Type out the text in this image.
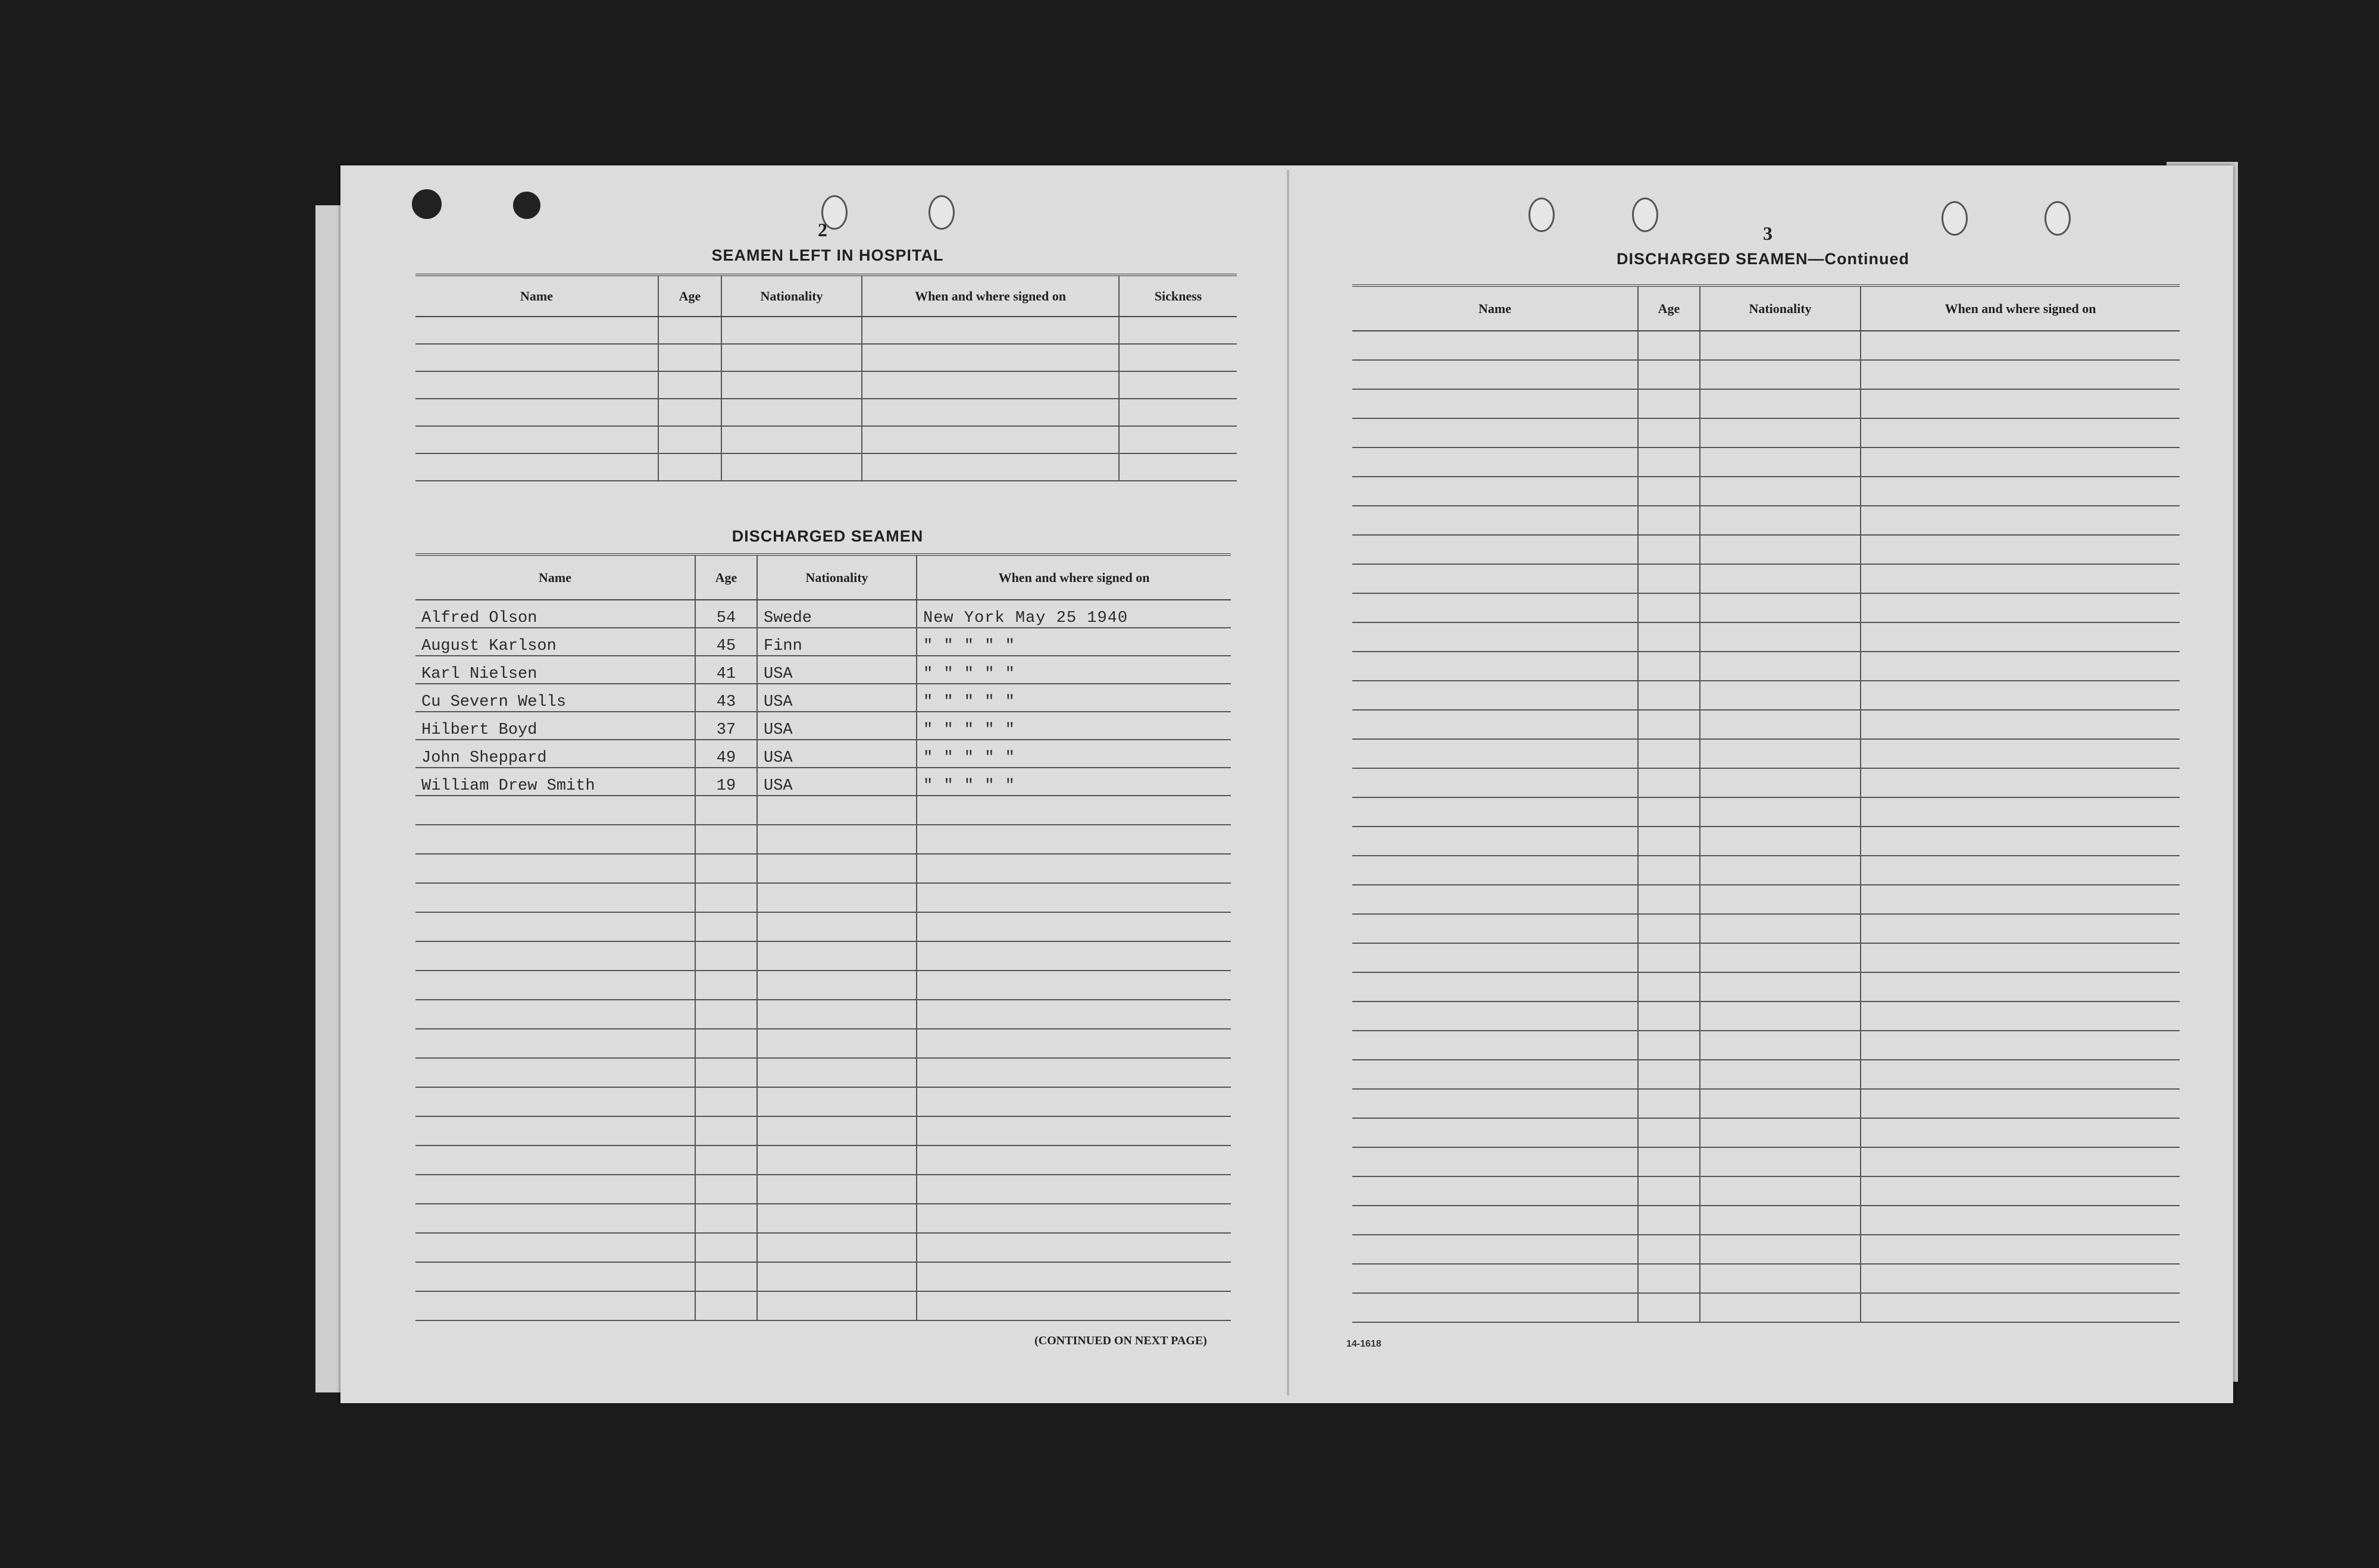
2
SEAMEN LEFT IN HOSPITAL
Name	Age	Nationality	When and where signed on	Sickness

DISCHARGED SEAMEN
Name	Age	Nationality	When and where signed on
Alfred Olson	54	Swede	New York May 25 1940
August Karlson	45	Finn	" " " " "
Karl Nielsen	41	USA	" " " " "
Cu Severn Wells	43	USA	" " " " "
Hilbert Boyd	37	USA	" " " " "
John Sheppard	49	USA	" " " " "
William Drew Smith	19	USA	" " " " "

(CONTINUED ON NEXT PAGE)
3
DISCHARGED SEAMEN—Continued
Name	Age	Nationality	When and where signed on

14-1618
